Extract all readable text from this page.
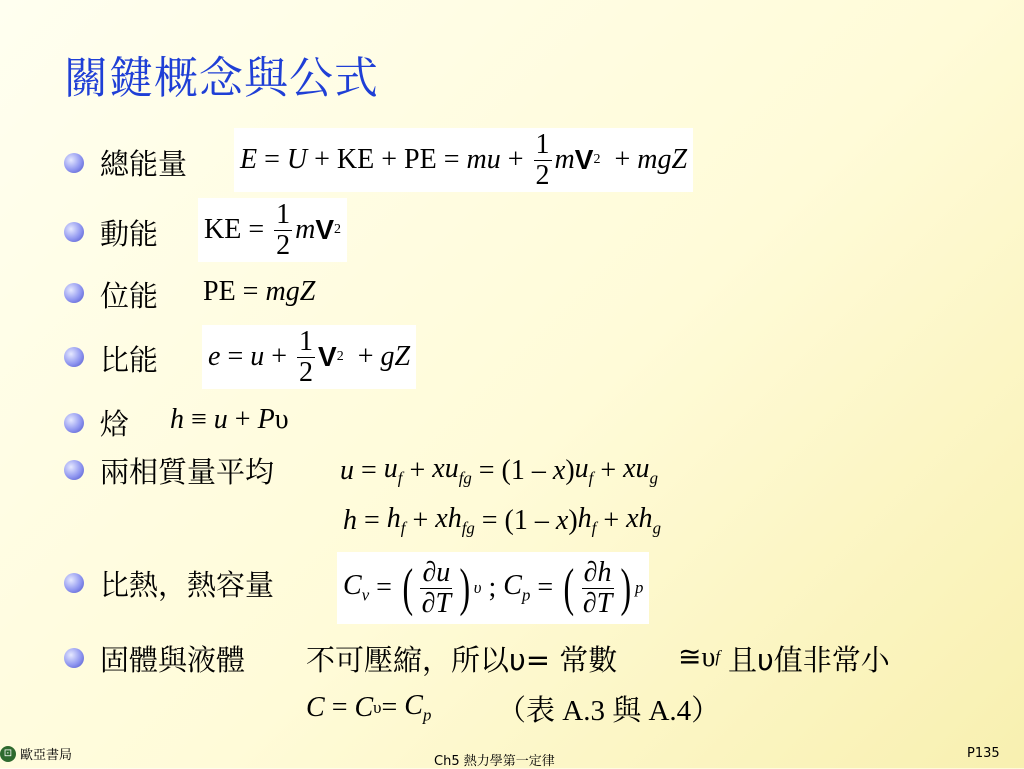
關鍵概念與公式
總能量 E = U + KE + PE = mu + $\frac{1}{2}$ m V 2 + mgZ
動能 KE = $\frac{1}{2}$ m V 2
位能 PE = mgZ
比能 $e = u + \frac{1}{2}$ V 2 + gZ
焓 h ≡ u + P υ
兩相質量平均 $u = u_f + xu_{fg} = (1 - x$ ) $u_f + xu_g$
$h = h_f + xh_{fg} = (1 - x$ ) $h_f + xh_g$
比熱，熱容量 $C_v$ = ( $\frac{\partial u}{\partial T}$ ) υ ; $C_p$ = ( $\frac{\partial h}{\partial T}$ ) p
固體與液體 不可壓縮，所以υ= 常數 ≅υ f 且υ值非常小
C = C $\upsilon = C_p$ （表 A.3 與 A.4）
⊡ 歐亞書局	Ch5 熱力學第一定律
P135
